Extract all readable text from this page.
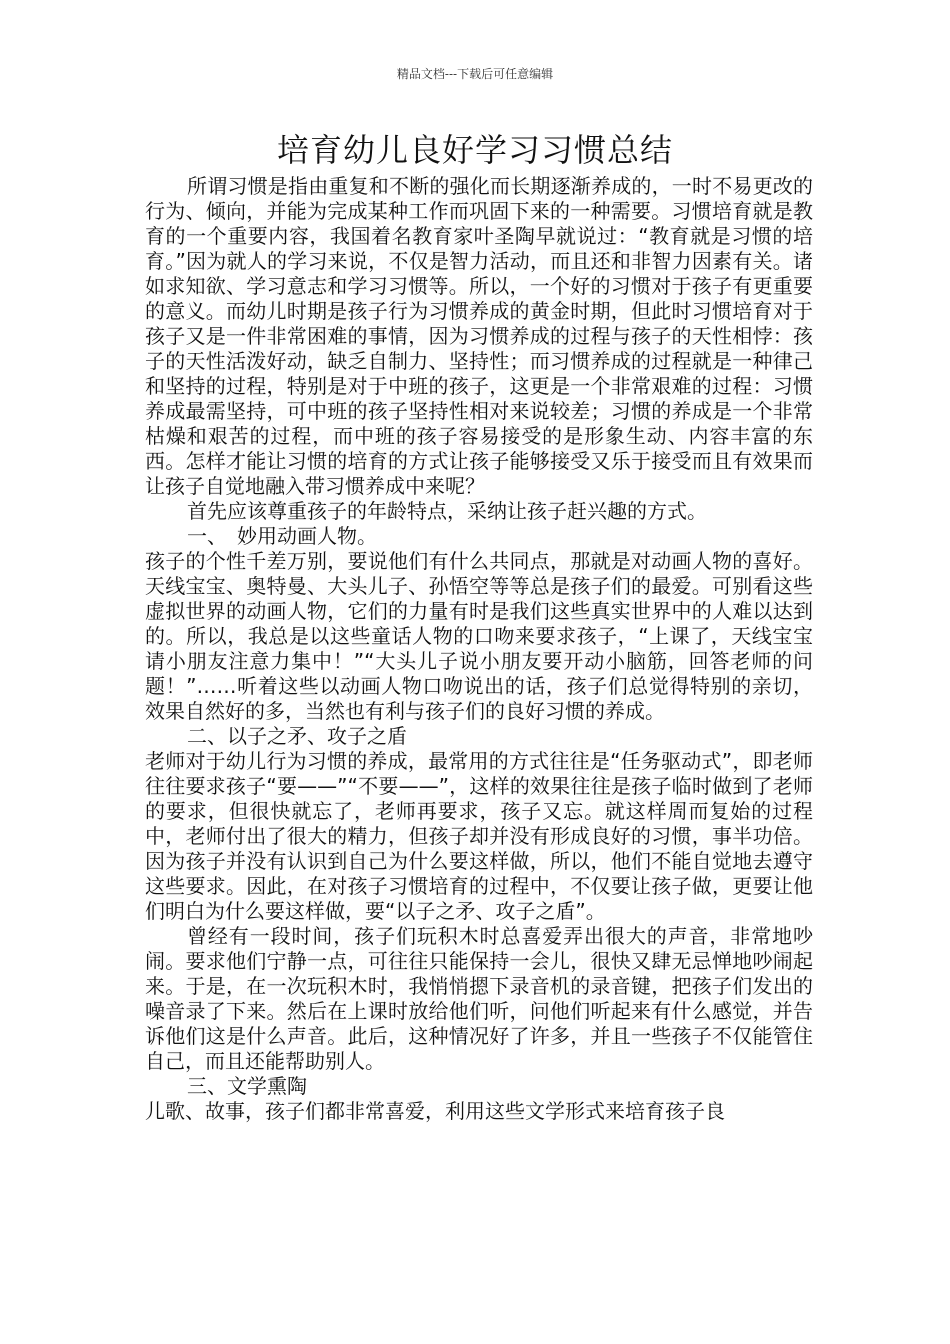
精品文档---下载后可任意编辑
培育幼儿良好学习习惯总结

所谓习惯是指由重复和不断的强化而长期逐渐养成的，一时不易更改的行为、倾向，并能为完成某种工作而巩固下来的一种需要。习惯培育就是教育的一个重要内容，我国着名教育家叶圣陶早就说过：“教育就是习惯的培育。”因为就人的学习来说，不仅是智力活动，而且还和非智力因素有关。诸如求知欲、学习意志和学习习惯等。所以，一个好的习惯对于孩子有更重要的意义。而幼儿时期是孩子行为习惯养成的黄金时期，但此时习惯培育对于孩子又是一件非常困难的事情，因为习惯养成的过程与孩子的天性相悖：孩子的天性活泼好动，缺乏自制力、坚持性；而习惯养成的过程就是一种律己和坚持的过程，特别是对于中班的孩子，这更是一个非常艰难的过程：习惯养成最需坚持，可中班的孩子坚持性相对来说较差；习惯的养成是一个非常枯燥和艰苦的过程，而中班的孩子容易接受的是形象生动、内容丰富的东西。怎样才能让习惯的培育的方式让孩子能够接受又乐于接受而且有效果而让孩子自觉地融入带习惯养成中来呢？

首先应该尊重孩子的年龄特点，采纳让孩子赶兴趣的方式。

一、　妙用动画人物。

孩子的个性千差万别，要说他们有什么共同点，那就是对动画人物的喜好。天线宝宝、奥特曼、大头儿子、孙悟空等等总是孩子们的最爱。可别看这些虚拟世界的动画人物，它们的力量有时是我们这些真实世界中的人难以达到的。所以，我总是以这些童话人物的口吻来要求孩子，“上课了，天线宝宝请小朋友注意力集中！”“大头儿子说小朋友要开动小脑筋，回答老师的问题！”……听着这些以动画人物口吻说出的话，孩子们总觉得特别的亲切，效果自然好的多，当然也有利与孩子们的良好习惯的养成。

二、以子之矛、攻子之盾

老师对于幼儿行为习惯的养成，最常用的方式往往是“任务驱动式”，即老师往往要求孩子“要——”“不要——”，这样的效果往往是孩子临时做到了老师的要求，但很快就忘了，老师再要求，孩子又忘。就这样周而复始的过程中，老师付出了很大的精力，但孩子却并没有形成良好的习惯，事半功倍。因为孩子并没有认识到自己为什么要这样做，所以，他们不能自觉地去遵守这些要求。因此，在对孩子习惯培育的过程中，不仅要让孩子做，更要让他们明白为什么要这样做，要“以子之矛、攻子之盾”。

曾经有一段时间，孩子们玩积木时总喜爱弄出很大的声音，非常地吵闹。要求他们宁静一点，可往往只能保持一会儿，很快又肆无忌惮地吵闹起来。于是，在一次玩积木时，我悄悄摁下录音机的录音键，把孩子们发出的噪音录了下来。然后在上课时放给他们听，问他们听起来有什么感觉，并告诉他们这是什么声音。此后，这种情况好了许多，并且一些孩子不仅能管住自己，而且还能帮助别人。

三、文学熏陶

儿歌、故事，孩子们都非常喜爱，利用这些文学形式来培育孩子良
